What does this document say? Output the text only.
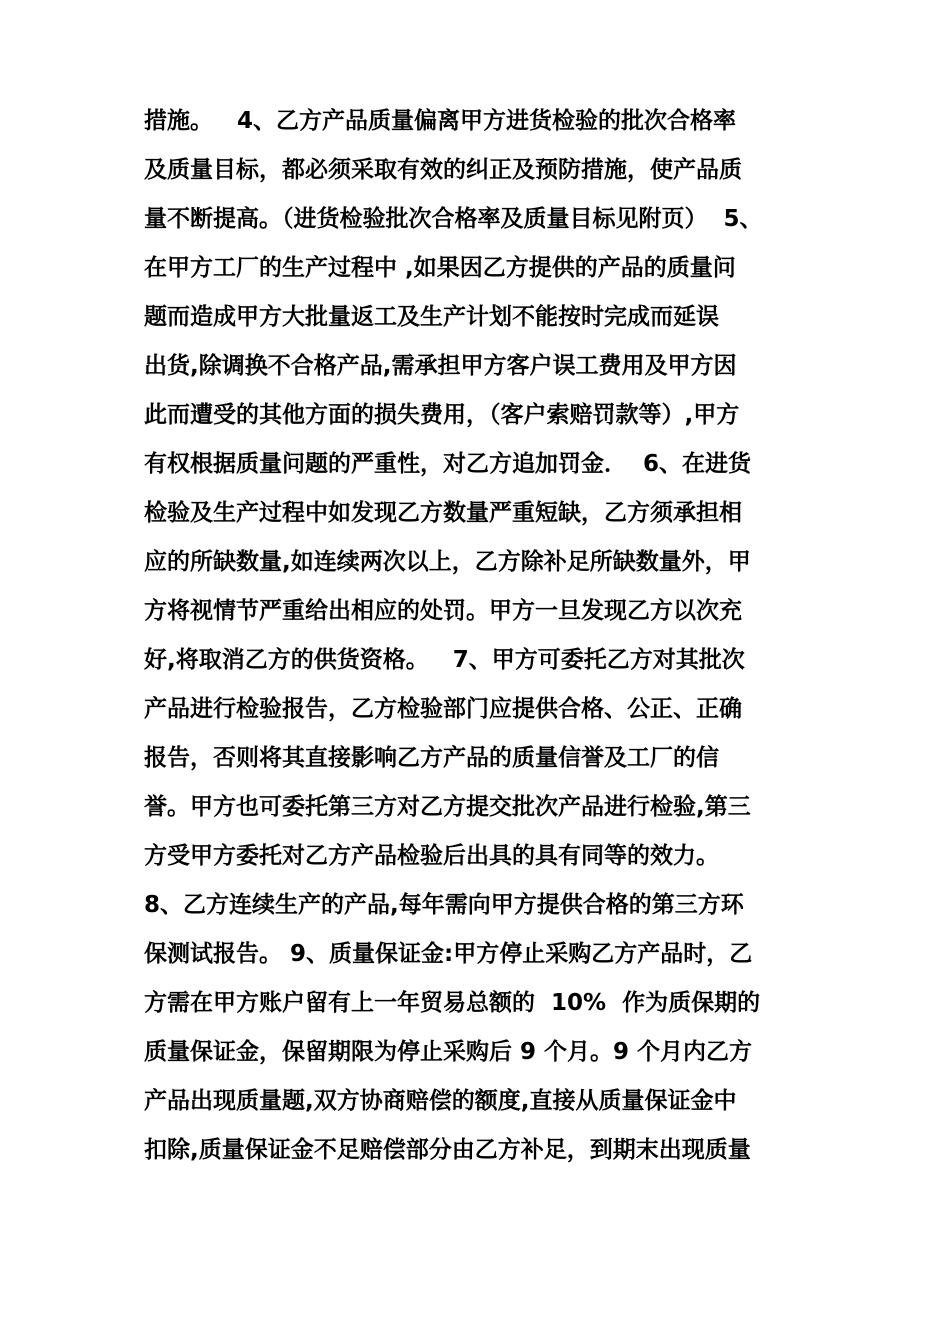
措施。   4、乙方产品质量偏离甲方进货检验的批次合格率
及质量目标，都必须采取有效的纠正及预防措施，使产品质
量不断提高。（进货检验批次合格率及质量目标见附页）  5、
在甲方工厂的生产过程中 ,如果因乙方提供的产品的质量问
题而造成甲方大批量返工及生产计划不能按时完成而延误
出货,除调换不合格产品,需承担甲方客户误工费用及甲方因
此而遭受的其他方面的损失费用，（客户索赔罚款等）,甲方
有权根据质量问题的严重性，对乙方追加罚金．  6、在进货
检验及生产过程中如发现乙方数量严重短缺，乙方须承担相
应的所缺数量,如连续两次以上，乙方除补足所缺数量外，甲
方将视情节严重给出相应的处罚。甲方一旦发现乙方以次充
好,将取消乙方的供货资格。   7、甲方可委托乙方对其批次
产品进行检验报告，乙方检验部门应提供合格、公正、正确
报告，否则将其直接影响乙方产品的质量信誉及工厂的信
誉。甲方也可委托第三方对乙方提交批次产品进行检验,第三
方受甲方委托对乙方产品检验后出具的具有同等的效力。
8、乙方连续生产的产品,每年需向甲方提供合格的第三方环
保测试报告。 9、质量保证金:甲方停止采购乙方产品时，乙
方需在甲方账户留有上一年贸易总额的  10%  作为质保期的
质量保证金，保留期限为停止采购后 9 个月。9 个月内乙方
产品出现质量题,双方协商赔偿的额度,直接从质量保证金中
扣除,质量保证金不足赔偿部分由乙方补足，到期末出现质量
